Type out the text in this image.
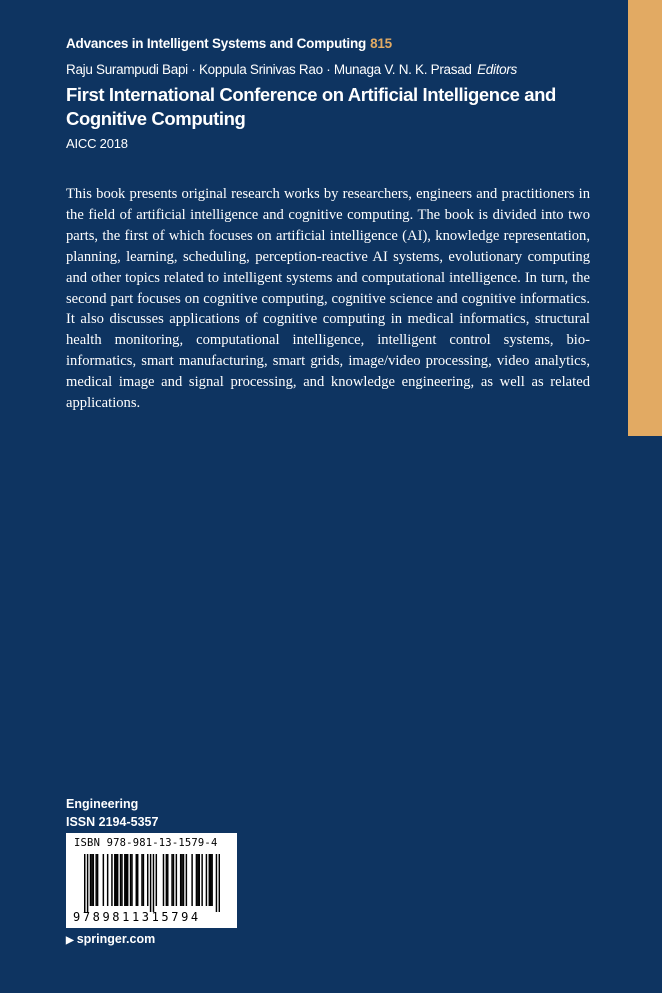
Advances in Intelligent Systems and Computing 815
Raju Surampudi Bapi · Koppula Srinivas Rao · Munaga V. N. K. Prasad Editors
First International Conference on Artificial Intelligence and Cognitive Computing
AICC 2018
This book presents original research works by researchers, engineers and practitioners in the field of artificial intelligence and cognitive computing. The book is divided into two parts, the first of which focuses on artificial intelligence (AI), knowledge representation, planning, learning, scheduling, perception-reactive AI systems, evolutionary computing and other topics related to intelligent systems and computational intelligence. In turn, the second part focuses on cognitive computing, cognitive science and cognitive informatics. It also discusses applications of cognitive computing in medical informatics, structural health monitoring, computational intelligence, intelligent control systems, bio-informatics, smart manufacturing, smart grids, image/video processing, video analytics, medical image and signal processing, and knowledge engineering, as well as related applications.
Engineering
ISSN 2194-5357
ISBN 978-981-13-1579-4
9789811315794
▶ springer.com
